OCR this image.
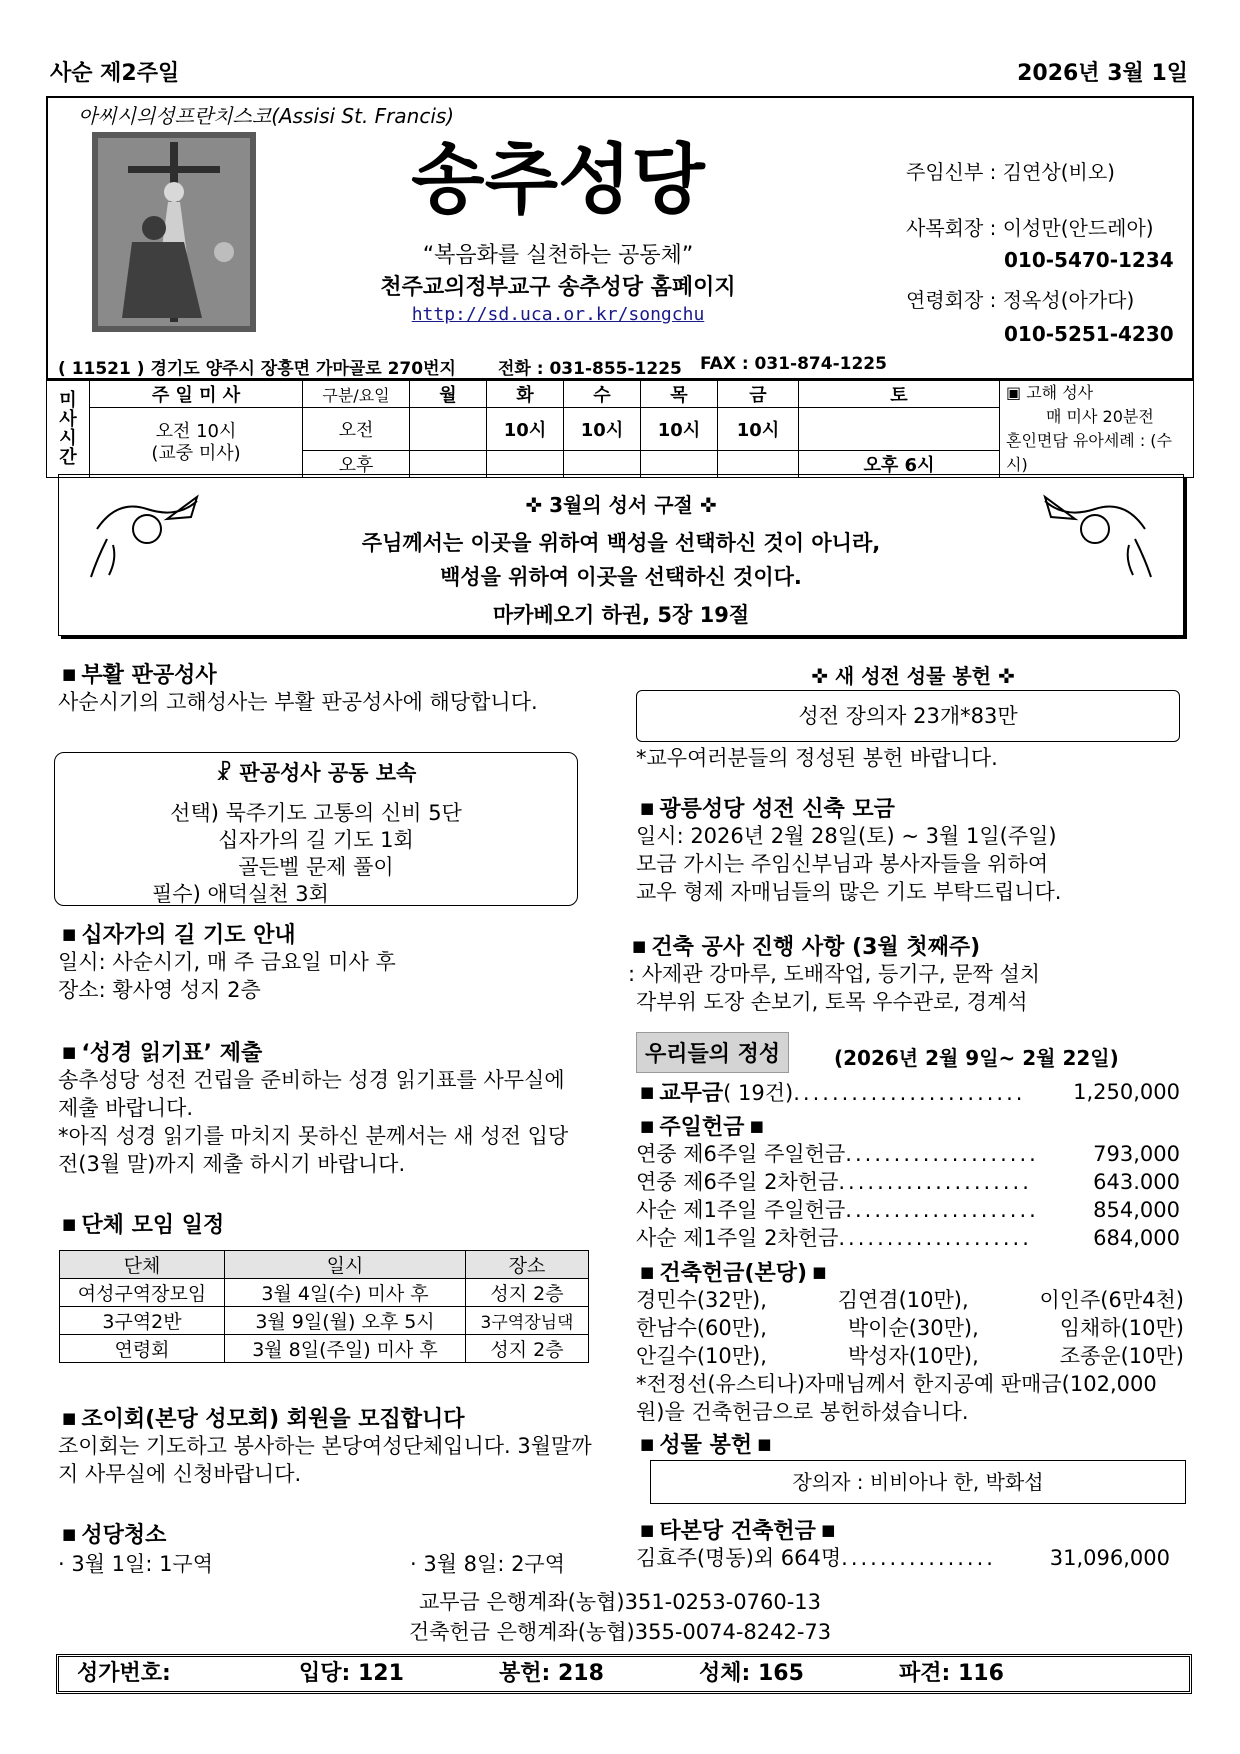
사순 제2주일	2026년 3월 1일
아씨시의성프란치스코(Assisi St. Francis)
송추성당
“복음화를 실천하는 공동체”
천주교의정부교구 송추성당 홈페이지
http://sd.uca.or.kr/songchu
( 11521 ) 경기도 양주시 장흥면 가마골로 270번지 전화 : 031-855-1225 FAX : 031-874-1225
주임신부 : 김연상(비오)
사목회장 : 이성만(안드레아)
010-5470-1234
연령회장 : 정옥성(아가다)
010-5251-4230
미
사
시
간	주 일 미 사	구분/요일	월	화	수	목	금	토	▣ 고해 성사
매 미사 20분전
혼인면담 유아세례 : (수시)
	오전 10시
(교중 미사)	오전		10시	10시	10시	10시		
		오후						오후 6시	
✜ 3월의 성서 구절 ✜
주님께서는 이곳을 위하여 백성을 선택하신 것이 아니라,
백성을 위하여 이곳을 선택하신 것이다.
마카베오기 하권, 5장 19절
■ 부활 판공성사
사순시기의 고해성사는 부활 판공성사에 해당합니다.
☧ 판공성사 공동 보속
선택) 묵주기도 고통의 신비 5단
십자가의 길 기도 1회
골든벨 문제 풀이
필수) 애덕실천 3회
■ 십자가의 길 기도 안내
일시: 사순시기, 매 주 금요일 미사 후
장소: 황사영 성지 2층
■ ‘성경 읽기표’ 제출
송추성당 성전 건립을 준비하는 성경 읽기표를 사무실에 제출 바랍니다.
*아직 성경 읽기를 마치지 못하신 분께서는 새 성전 입당 전(3월 말)까지 제출 하시기 바랍니다.
■ 단체 모임 일정
단체	일시	장소
여성구역장모임	3월 4일(수) 미사 후	성지 2층
3구역2반	3월 9일(월) 오후 5시	3구역장님댁
연령회	3월 8일(주일) 미사 후	성지 2층
■ 조이회(본당 성모회) 회원을 모집합니다
조이회는 기도하고 봉사하는 본당여성단체입니다. 3월말까지 사무실에 신청바랍니다.
■ 성당청소
· 3월 1일: 1구역	· 3월 8일: 2구역
✜ 새 성전 성물 봉헌 ✜
성전 장의자 23개*83만
*교우여러분들의 정성된 봉헌 바랍니다.
■ 광릉성당 성전 신축 모금
일시: 2026년 2월 28일(토) ~ 3월 1일(주일)
모금 가시는 주임신부님과 봉사자들을 위하여
교우 형제 자매님들의 많은 기도 부탁드립니다.
■ 건축 공사 진행 사항 (3월 첫째주)
: 사제관 강마루, 도배작업, 등기구, 문짝 설치
각부위 도장 손보기, 토목 우수관로, 경계석
우리들의 정성	(2026년 2월 9일~ 2월 22일)
■ 교무금( 19건)........................ 1,250,000
■ 주일헌금 ■
연중 제6주일 주일헌금....................	793,000
연중 제6주일 2차헌금....................	643.000
사순 제1주일 주일헌금....................	854,000
사순 제1주일 2차헌금....................	684,000
■ 건축헌금(본당) ■
경민수(32만),	김연겸(10만),	이인주(6만4천)
한남수(60만),	박이순(30만),	임채하(10만)
안길수(10만),	박성자(10만),	조종운(10만)
*전정선(유스티나)자매님께서 한지공예 판매금(102,000원)을 건축헌금으로 봉헌하셨습니다.
■ 성물 봉헌 ■
장의자 : 비비아나 한, 박화섭
■ 타본당 건축헌금 ■
김효주(명동)외 664명................	31,096,000
교무금 은행계좌(농협)351-0253-0760-13
건축헌금 은행계좌(농협)355-0074-8242-73
성가번호:	입당: 121	봉헌: 218	성체: 165	파견: 116
